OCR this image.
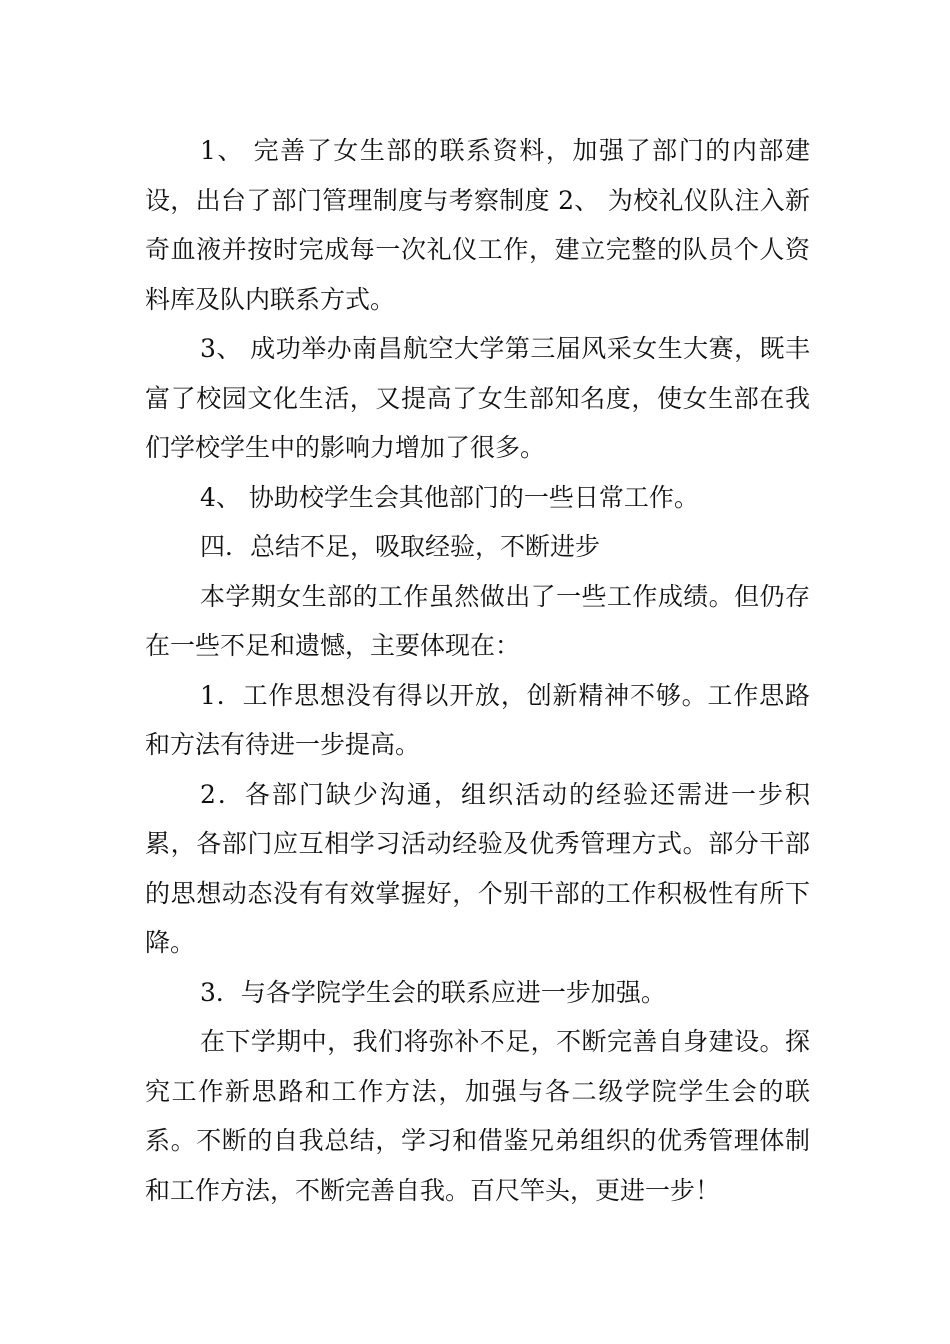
1、 完善了女生部的联系资料，加强了部门的内部建设，出台了部门管理制度与考察制度 2、 为校礼仪队注入新奇血液并按时完成每一次礼仪工作，建立完整的队员个人资料库及队内联系方式。

3、 成功举办南昌航空大学第三届风采女生大赛，既丰富了校园文化生活，又提高了女生部知名度，使女生部在我们学校学生中的影响力增加了很多。

4、 协助校学生会其他部门的一些日常工作。

四．总结不足，吸取经验，不断进步

本学期女生部的工作虽然做出了一些工作成绩。但仍存在一些不足和遗憾，主要体现在：

1．工作思想没有得以开放，创新精神不够。工作思路和方法有待进一步提高。

2．各部门缺少沟通，组织活动的经验还需进一步积累，各部门应互相学习活动经验及优秀管理方式。部分干部的思想动态没有有效掌握好，个别干部的工作积极性有所下降。

3．与各学院学生会的联系应进一步加强。

在下学期中，我们将弥补不足，不断完善自身建设。探究工作新思路和工作方法，加强与各二级学院学生会的联系。不断的自我总结，学习和借鉴兄弟组织的优秀管理体制和工作方法，不断完善自我。百尺竿头，更进一步！
